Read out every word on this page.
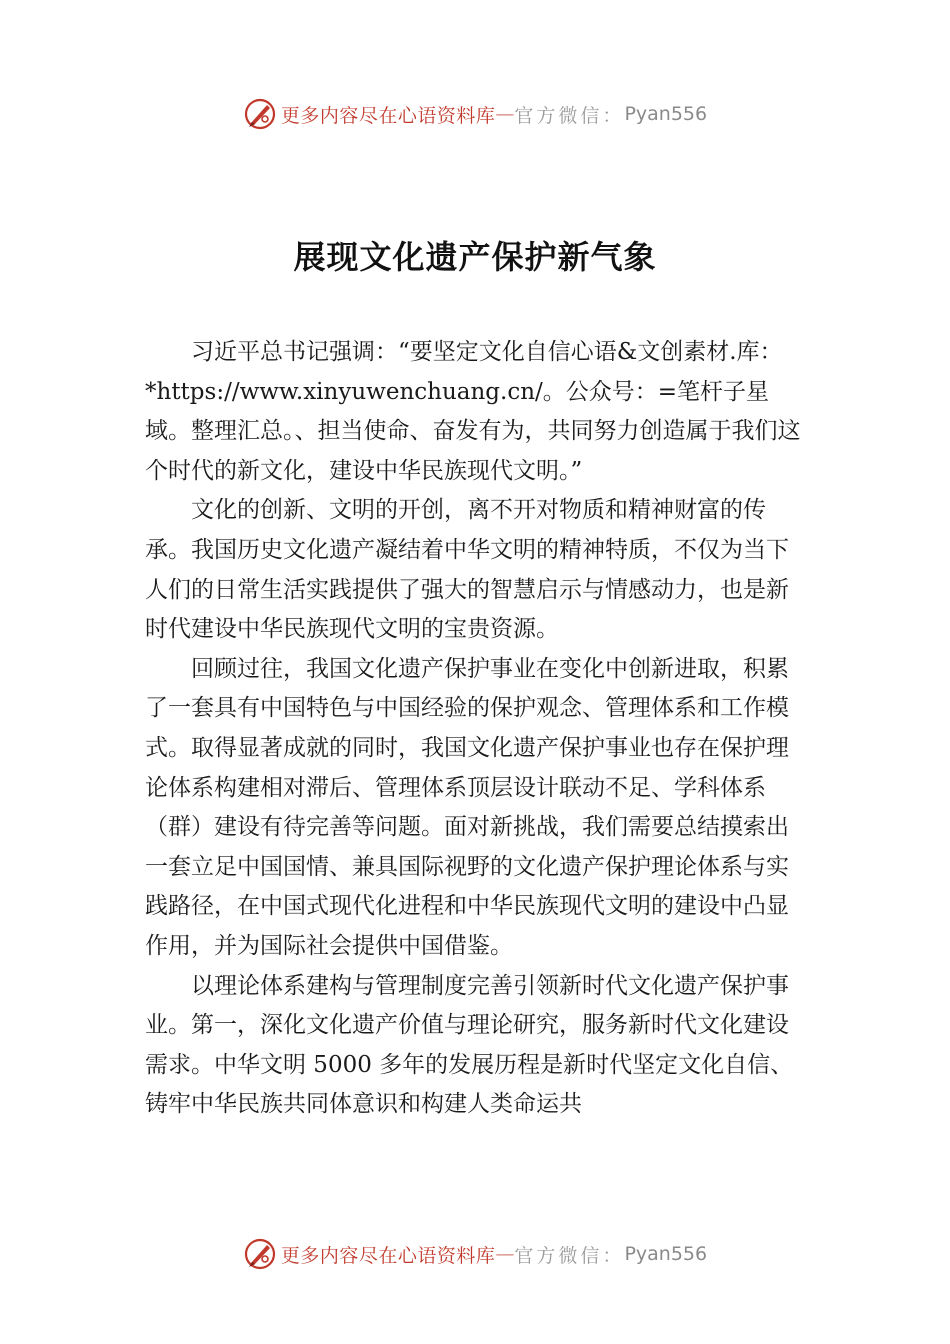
更多内容尽在心语资料库 — 官方微信： Pyan556
展现文化遗产保护新气象

习近平总书记强调：“要坚定文化自信心语&文创素材.库：*https://www.xinyuwenchuang.cn/。公众号：=笔杆子星域。整理汇总。、担当使命、奋发有为，共同努力创造属于我们这个时代的新文化，建设中华民族现代文明。”

文化的创新、文明的开创，离不开对物质和精神财富的传承。我国历史文化遗产凝结着中华文明的精神特质，不仅为当下人们的日常生活实践提供了强大的智慧启示与情感动力，也是新时代建设中华民族现代文明的宝贵资源。

回顾过往，我国文化遗产保护事业在变化中创新进取，积累了一套具有中国特色与中国经验的保护观念、管理体系和工作模式。取得显著成就的同时，我国文化遗产保护事业也存在保护理论体系构建相对滞后、管理体系顶层设计联动不足、学科体系（群）建设有待完善等问题。面对新挑战，我们需要总结摸索出一套立足中国国情、兼具国际视野的文化遗产保护理论体系与实践路径，在中国式现代化进程和中华民族现代文明的建设中凸显作用，并为国际社会提供中国借鉴。

以理论体系建构与管理制度完善引领新时代文化遗产保护事业。第一，深化文化遗产价值与理论研究，服务新时代文化建设需求。中华文明 5000 多年的发展历程是新时代坚定文化自信、铸牢中华民族共同体意识和构建人类命运共

更多内容尽在心语资料库 — 官方微信： Pyan556
